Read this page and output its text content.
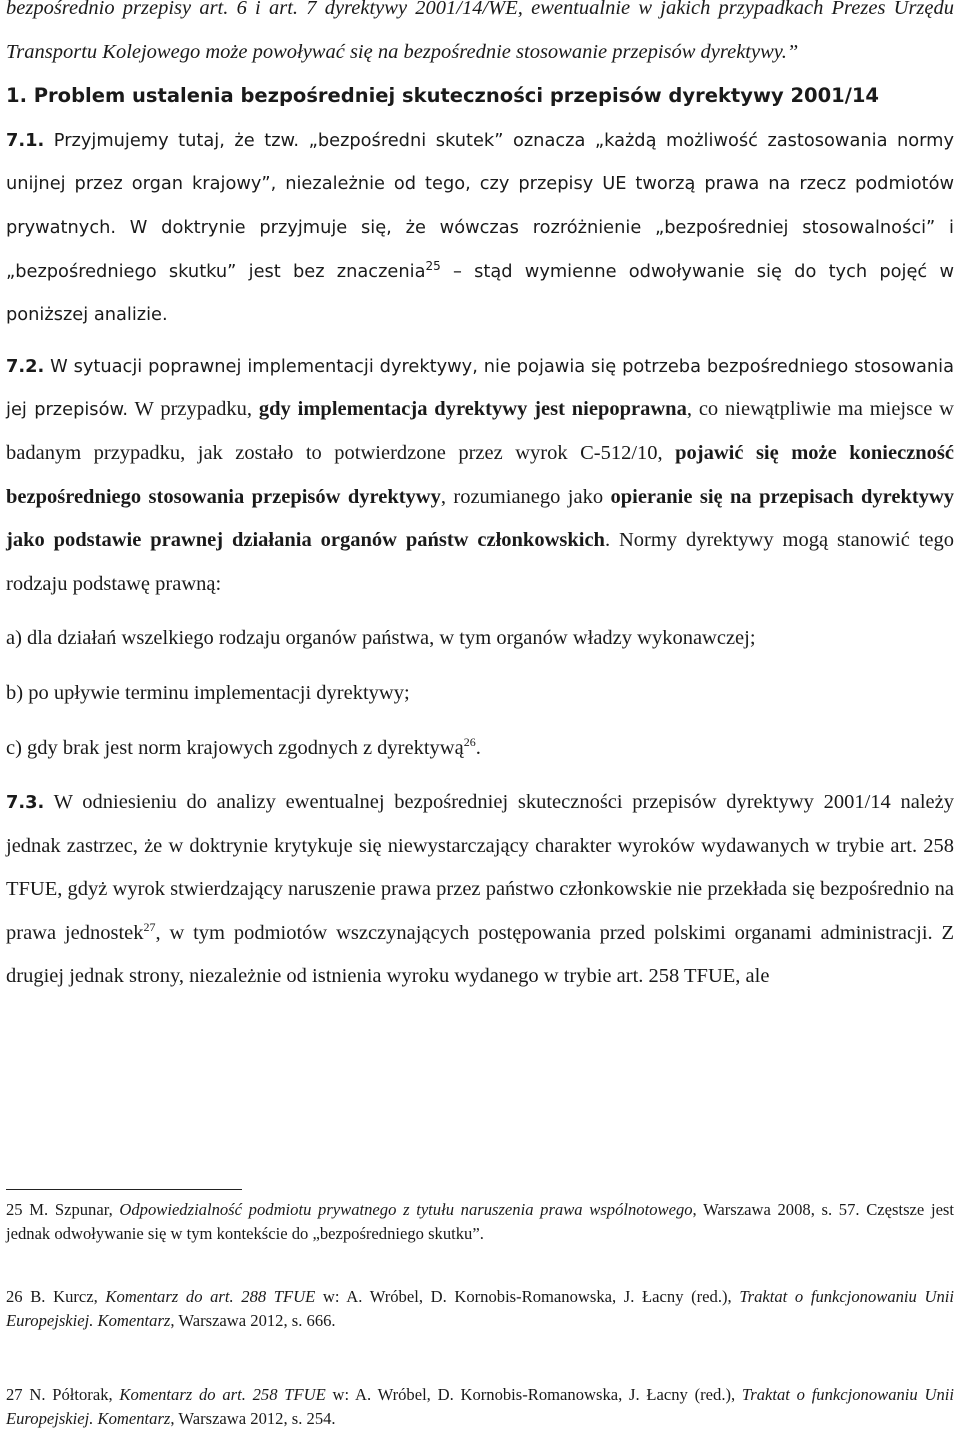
bezpośrednio przepisy art. 6 i art. 7 dyrektywy 2001/14/WE, ewentualnie w jakich przypadkach Prezes Urzędu Transportu Kolejowego może powoływać się na bezpośrednie stosowanie przepisów dyrektywy.”

1. Problem ustalenia bezpośredniej skuteczności przepisów dyrektywy 2001/14

7.1. Przyjmujemy tutaj, że tzw. „bezpośredni skutek” oznacza „każdą możliwość zastosowania normy unijnej przez organ krajowy”, niezależnie od tego, czy przepisy UE tworzą prawa na rzecz podmiotów prywatnych. W doktrynie przyjmuje się, że wówczas rozróżnienie „bezpośredniej stosowalności” i „bezpośredniego skutku” jest bez znaczenia$^{25}$ – stąd wymienne odwoływanie się do tych pojęć w poniższej analizie.

7.2. W sytuacji poprawnej implementacji dyrektywy, nie pojawia się potrzeba bezpośredniego stosowania jej przepisów. W przypadku, gdy implementacja dyrektywy jest niepoprawna, co niewątpliwie ma miejsce w badanym przypadku, jak zostało to potwierdzone przez wyrok C-512/10, pojawić się może konieczność bezpośredniego stosowania przepisów dyrektywy, rozumianego jako opieranie się na przepisach dyrektywy jako podstawie prawnej działania organów państw członkowskich. Normy dyrektywy mogą stanowić tego rodzaju podstawę prawną:

a) dla działań wszelkiego rodzaju organów państwa, w tym organów władzy wykonawczej;

b) po upływie terminu implementacji dyrektywy;

c) gdy brak jest norm krajowych zgodnych z dyrektywą$^{26}$.

7.3. W odniesieniu do analizy ewentualnej bezpośredniej skuteczności przepisów dyrektywy 2001/14 należy jednak zastrzec, że w doktrynie krytykuje się niewystarczający charakter wyroków wydawanych w trybie art. 258 TFUE, gdyż wyrok stwierdzający naruszenie prawa przez państwo członkowskie nie przekłada się bezpośrednio na prawa jednostek$^{27}$, w tym podmiotów wszczynających postępowania przed polskimi organami administracji. Z drugiej jednak strony, niezależnie od istnienia wyroku wydanego w trybie art. 258 TFUE, ale

25 M. Szpunar, Odpowiedzialność podmiotu prywatnego z tytułu naruszenia prawa wspólnotowego, Warszawa 2008, s. 57. Częstsze jest jednak odwoływanie się w tym kontekście do „bezpośredniego skutku”.

26 B. Kurcz, Komentarz do art. 288 TFUE w: A. Wróbel, D. Kornobis-Romanowska, J. Łacny (red.), Traktat o funkcjonowaniu Unii Europejskiej. Komentarz, Warszawa 2012, s. 666.

27 N. Półtorak, Komentarz do art. 258 TFUE w: A. Wróbel, D. Kornobis-Romanowska, J. Łacny (red.), Traktat o funkcjonowaniu Unii Europejskiej. Komentarz, Warszawa 2012, s. 254.
